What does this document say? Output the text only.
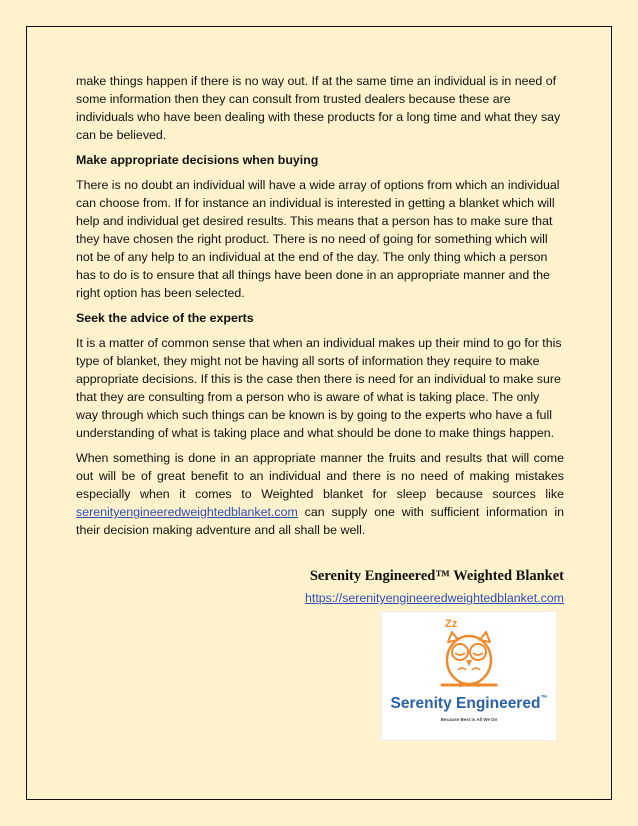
make things happen if there is no way out. If at the same time an individual is in need of some information then they can consult from trusted dealers because these are individuals who have been dealing with these products for a long time and what they say can be believed.

Make appropriate decisions when buying

There is no doubt an individual will have a wide array of options from which an individual can choose from. If for instance an individual is interested in getting a blanket which will help and individual get desired results. This means that a person has to make sure that they have chosen the right product. There is no need of going for something which will not be of any help to an individual at the end of the day. The only thing which a person has to do is to ensure that all things have been done in an appropriate manner and the right option has been selected.

Seek the advice of the experts

It is a matter of common sense that when an individual makes up their mind to go for this type of blanket, they might not be having all sorts of information they require to make appropriate decisions. If this is the case then there is need for an individual to make sure that they are consulting from a person who is aware of what is taking place. The only way through which such things can be known is by going to the experts who have a full understanding of what is taking place and what should be done to make things happen.

When something is done in an appropriate manner the fruits and results that will come out will be of great benefit to an individual and there is no need of making mistakes especially when it comes to Weighted blanket for sleep because sources like serenityengineeredweightedblanket.com can supply one with sufficient information in their decision making adventure and all shall be well.

Serenity Engineered™ Weighted Blanket
https://serenityengineeredweightedblanket.com
Zz
Serenity Engineered™
Because Best is All We Do
